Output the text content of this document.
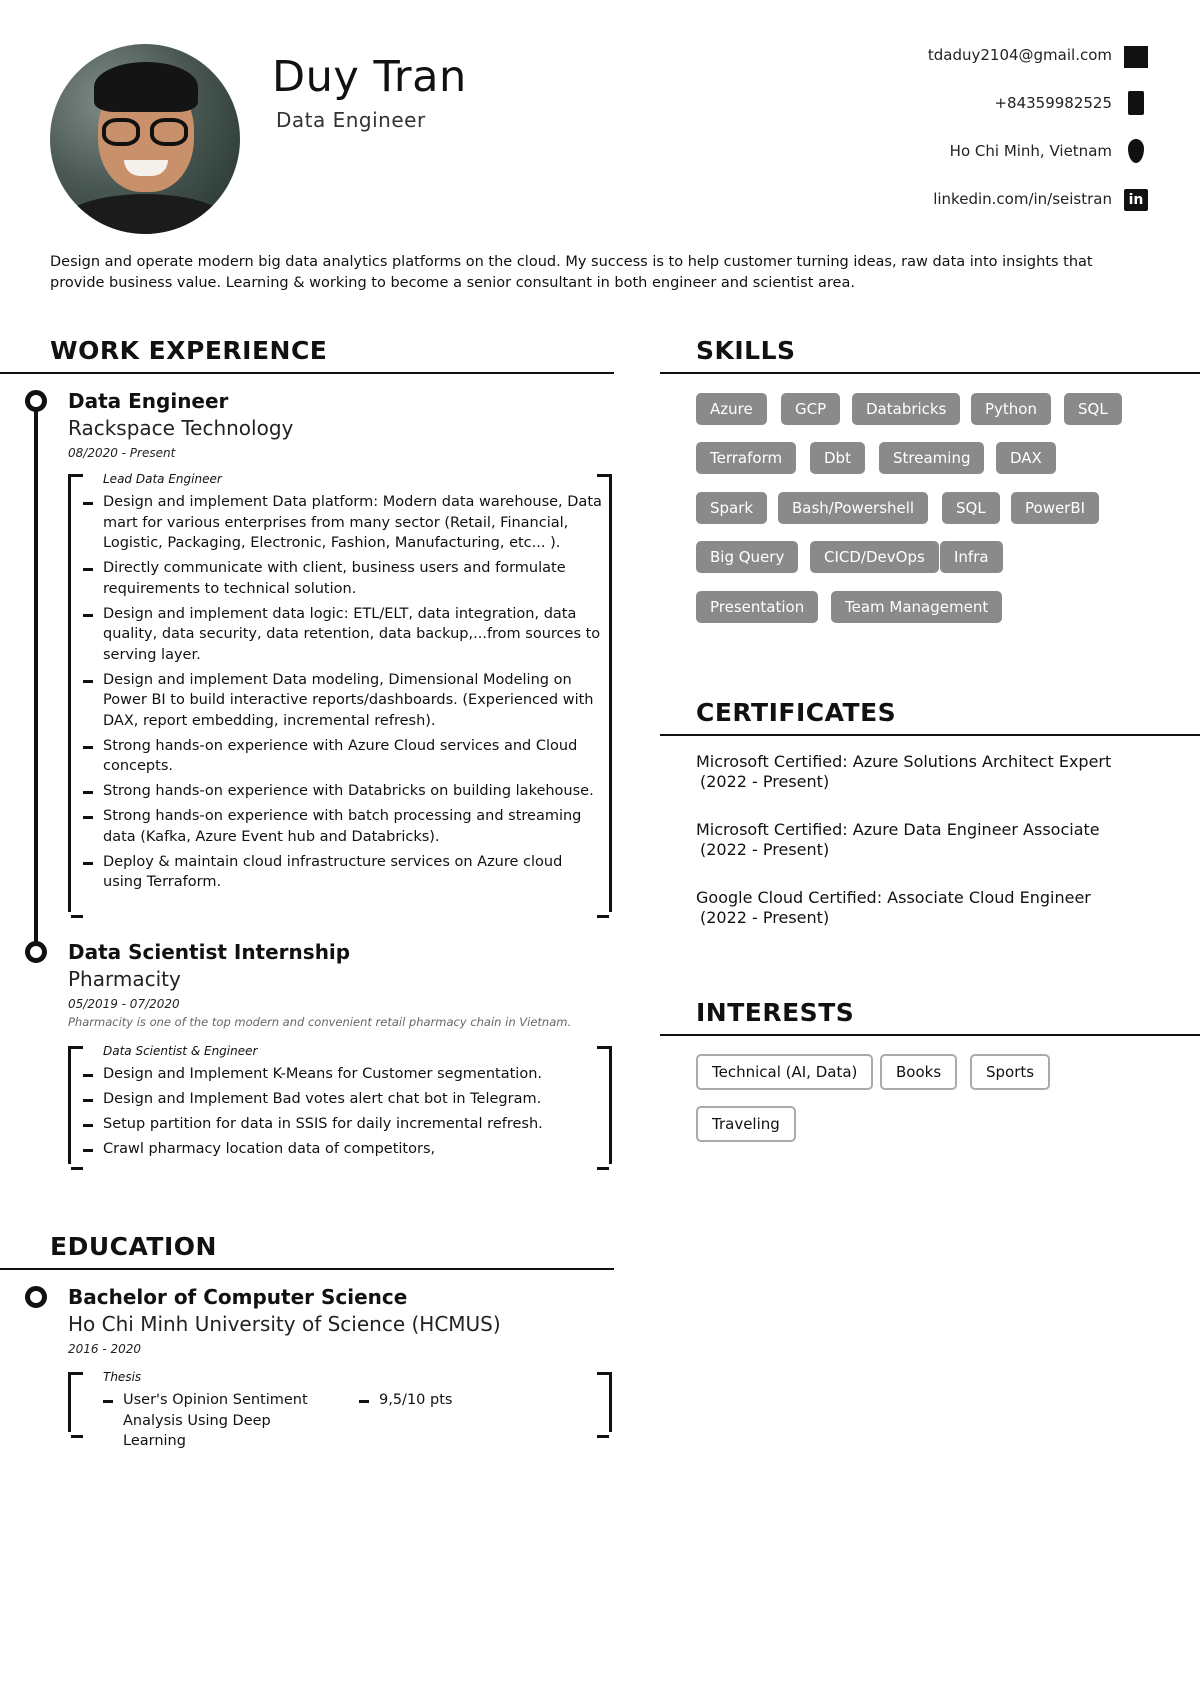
Duy Tran
Data Engineer
tdaduy2104@gmail.com
+84359982525
Ho Chi Minh, Vietnam
linkedin.com/in/seistran	in
Design and operate modern big data analytics platforms on the cloud. My success is to help customer turning ideas, raw data into insights that provide business value. Learning & working to become a senior consultant in both engineer and scientist area.
WORK EXPERIENCE
Data Engineer
Rackspace Technology
08/2020 - Present
Lead Data Engineer
Design and implement Data platform: Modern data warehouse, Data mart for various enterprises from many sector (Retail, Financial, Logistic, Packaging, Electronic, Fashion, Manufacturing, etc... ).
Directly communicate with client, business users and formulate requirements to technical solution.
Design and implement data logic: ETL/ELT, data integration, data quality, data security, data retention, data backup,...from sources to serving layer.
Design and implement Data modeling, Dimensional Modeling on Power BI to build interactive reports/dashboards. (Experienced with DAX, report embedding, incremental refresh).
Strong hands-on experience with Azure Cloud services and Cloud concepts.
Strong hands-on experience with Databricks on building lakehouse.
Strong hands-on experience with batch processing and streaming data (Kafka, Azure Event hub and Databricks).
Deploy & maintain cloud infrastructure services on Azure cloud using Terraform.
Data Scientist Internship
Pharmacity
05/2019 - 07/2020
Pharmacity is one of the top modern and convenient retail pharmacy chain in Vietnam.
Data Scientist & Engineer
Design and Implement K-Means for Customer segmentation.
Design and Implement Bad votes alert chat bot in Telegram.
Setup partition for data in SSIS for daily incremental refresh.
Crawl pharmacy location data of competitors,
EDUCATION
Bachelor of Computer Science
Ho Chi Minh University of Science (HCMUS)
2016 - 2020
Thesis
User's Opinion Sentiment Analysis Using Deep Learning
9,5/10 pts
SKILLS
Azure	GCP	Databricks	Python	SQL
Terraform	Dbt	Streaming	DAX
Spark	Bash/Powershell	SQL	PowerBI
Big Query	CICD/DevOps	Infra
Presentation	Team Management
CERTIFICATES
Microsoft Certified: Azure Solutions Architect Expert
(2022 - Present)
Microsoft Certified: Azure Data Engineer Associate
(2022 - Present)
Google Cloud Certified: Associate Cloud Engineer
(2022 - Present)
INTERESTS
Technical (AI, Data)	Books	Sports
Traveling
